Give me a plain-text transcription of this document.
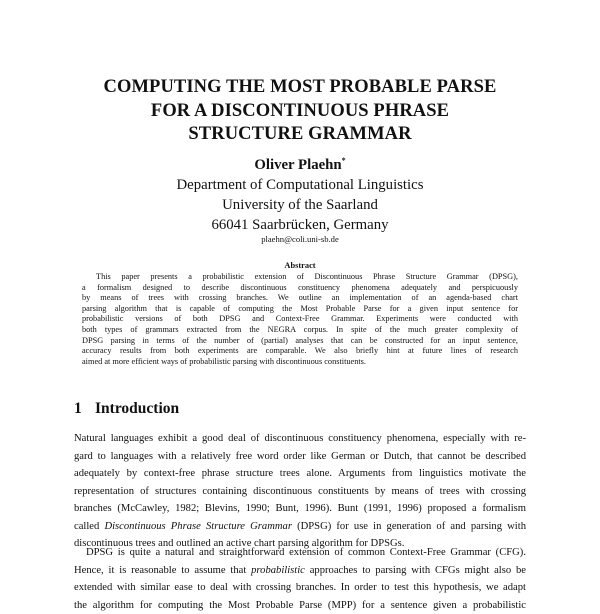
COMPUTING THE MOST PROBABLE PARSE
FOR A DISCONTINUOUS PHRASE
STRUCTURE GRAMMAR
Oliver Plaehn*
Department of Computational Linguistics
University of the Saarland
66041 Saarbrücken, Germany
plaehn@coli.uni-sb.de
Abstract
This paper presents a probabilistic extension of Discontinuous Phrase Structure Grammar (DPSG),
a formalism designed to describe discontinuous constituency phenomena adequately and perspicuously
by means of trees with crossing branches. We outline an implementation of an agenda-based chart
parsing algorithm that is capable of computing the Most Probable Parse for a given input sentence for
probabilistic versions of both DPSG and Context-Free Grammar. Experiments were conducted with
both types of grammars extracted from the NEGRA corpus. In spite of the much greater complexity of
DPSG parsing in terms of the number of (partial) analyses that can be constructed for an input sentence,
accuracy results from both experiments are comparable. We also briefly hint at future lines of research
aimed at more efficient ways of probabilistic parsing with discontinuous constituents.
1 Introduction
Natural languages exhibit a good deal of discontinuous constituency phenomena, especially with re-
gard to languages with a relatively free word order like German or Dutch, that cannot be described
adequately by context-free phrase structure trees alone. Arguments from linguistics motivate the
representation of structures containing discontinuous constituents by means of trees with crossing
branches (McCawley, 1982; Blevins, 1990; Bunt, 1996). Bunt (1991, 1996) proposed a formalism
called Discontinuous Phrase Structure Grammar (DPSG) for use in generation of and parsing with
discontinuous trees and outlined an active chart parsing algorithm for DPSGs.
DPSG is quite a natural and straightforward extension of common Context-Free Grammar (CFG).
Hence, it is reasonable to assume that probabilistic approaches to parsing with CFGs might also be
extended with similar ease to deal with crossing branches. In order to test this hypothesis, we adapt
the algorithm for computing the Most Probable Parse (MPP) for a sentence given a probabilistic
